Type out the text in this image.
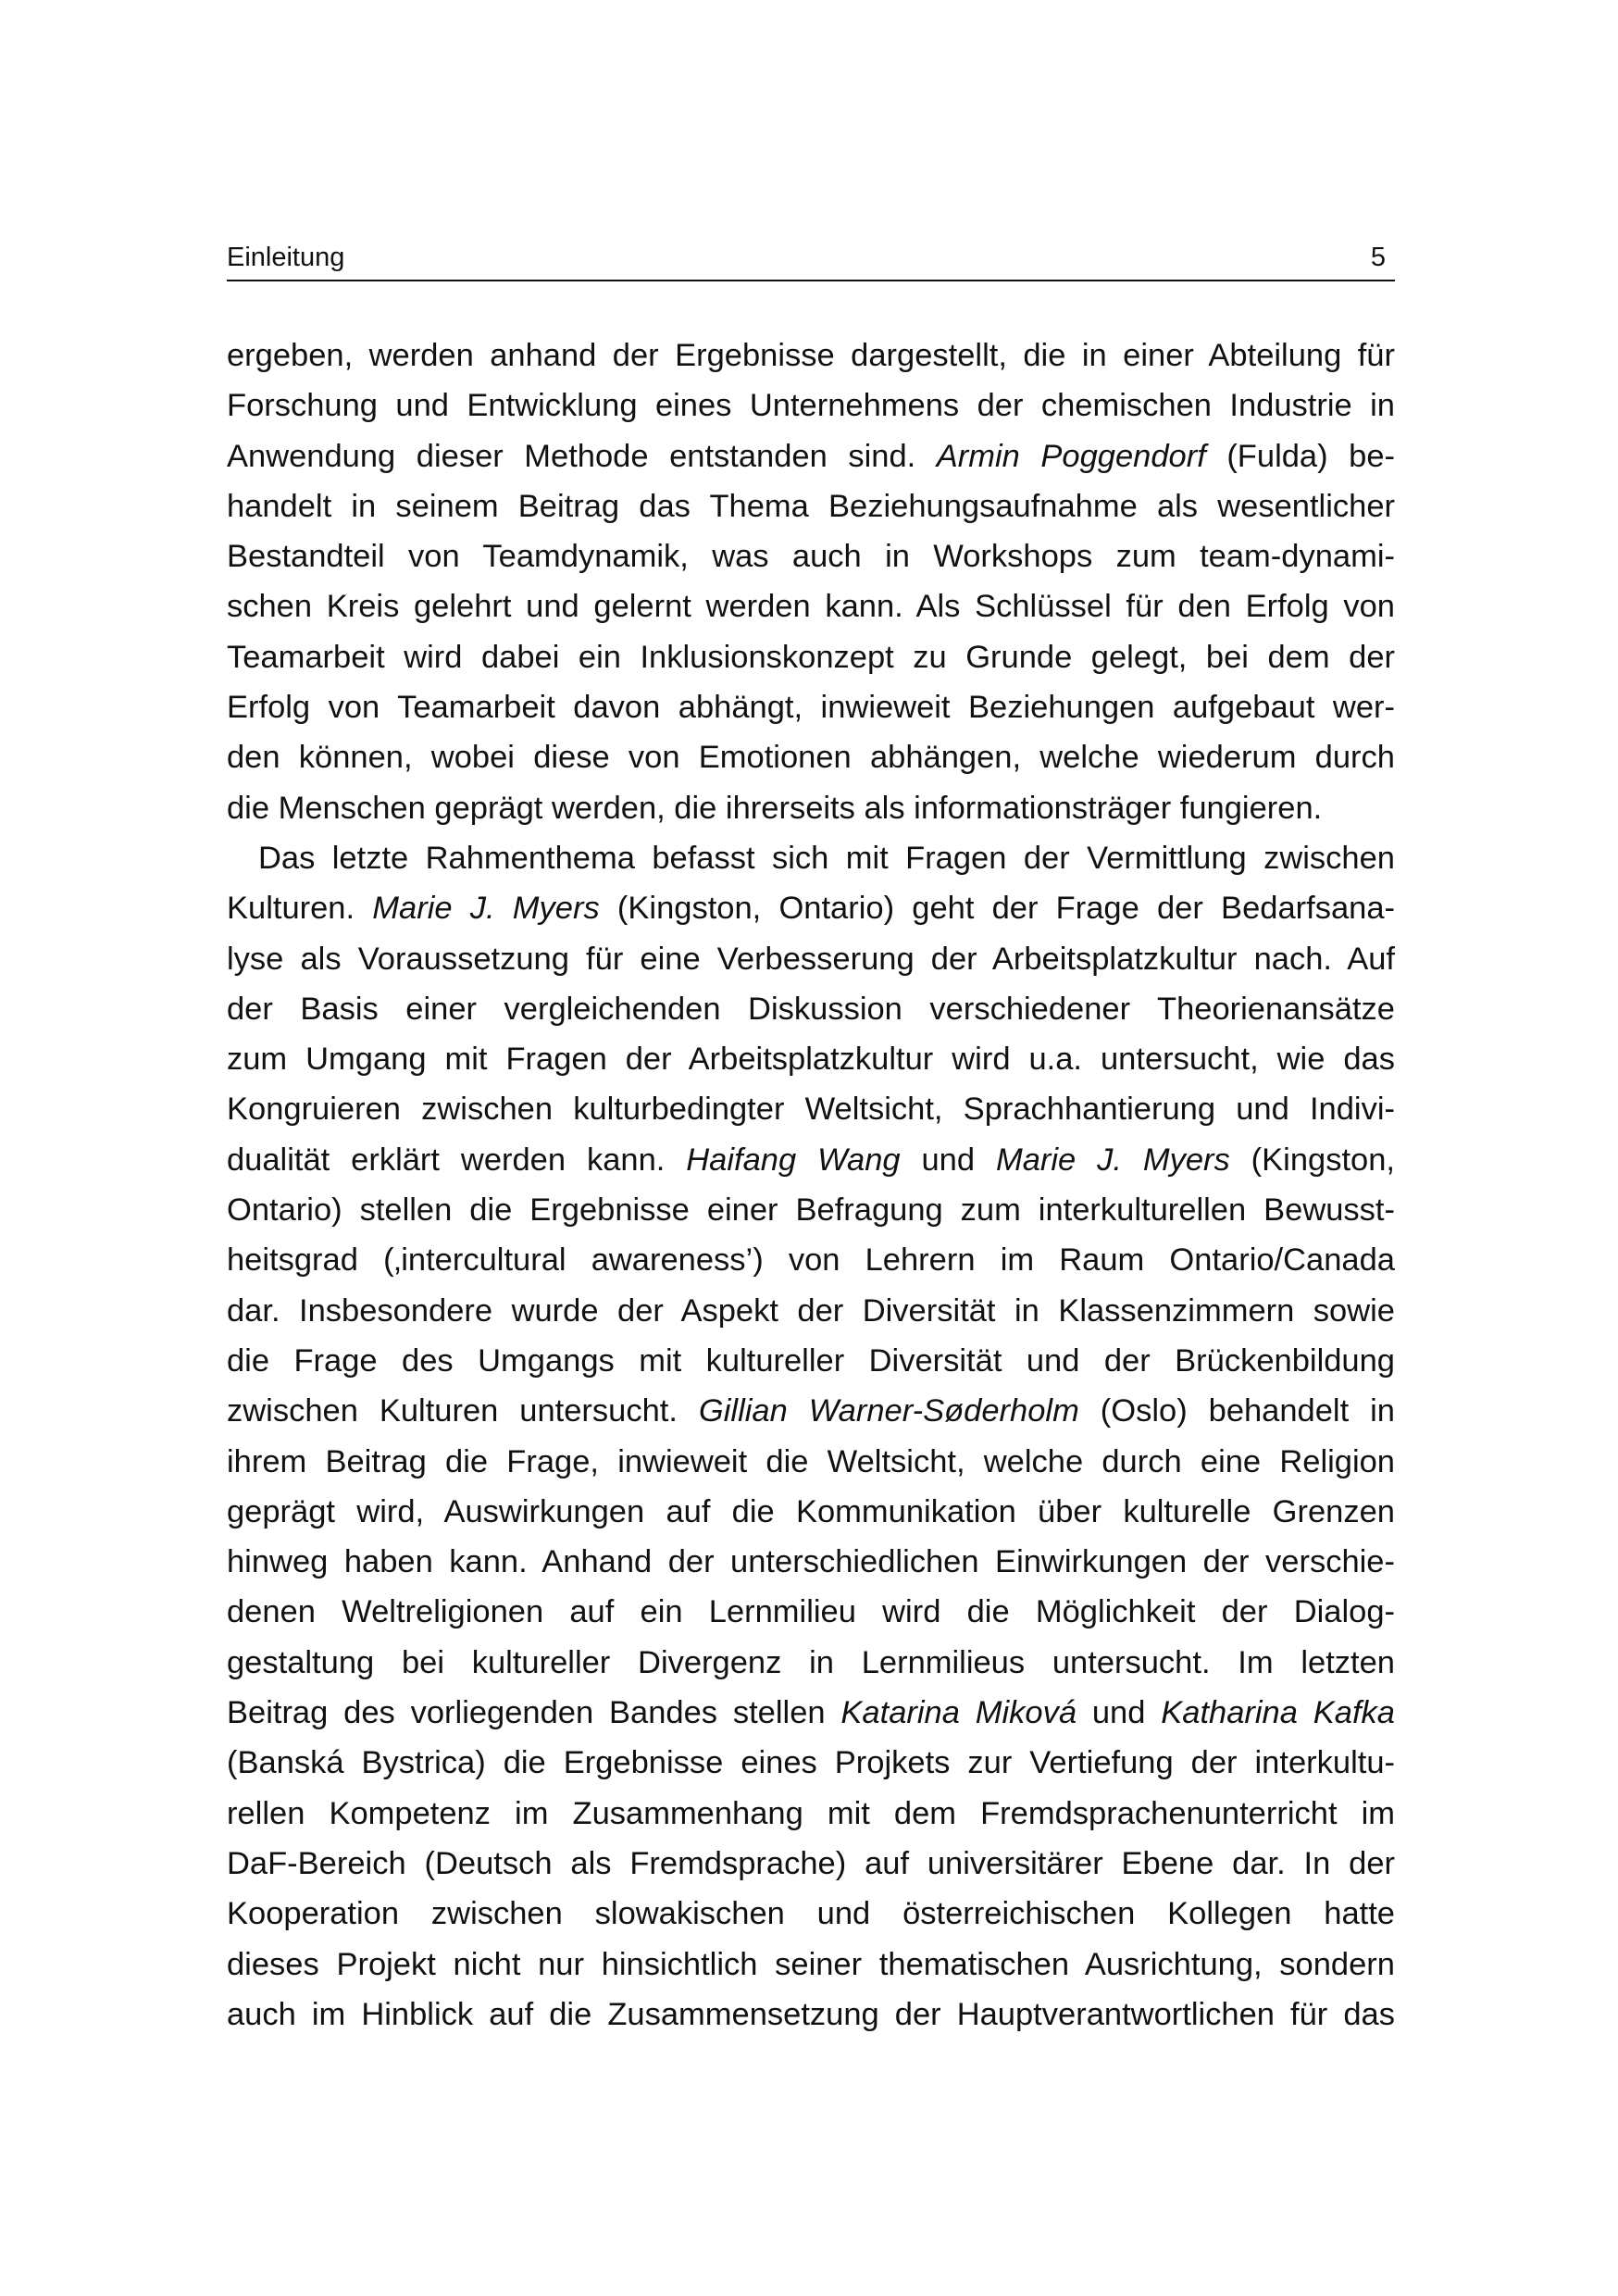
Einleitung	5
ergeben, werden anhand der Ergebnisse dargestellt, die in einer Abteilung für
Forschung und Entwicklung eines Unternehmens der chemischen Industrie in
Anwendung dieser Methode entstanden sind. Armin Poggendorf (Fulda) be-
handelt in seinem Beitrag das Thema Beziehungsaufnahme als wesentlicher
Bestandteil von Teamdynamik, was auch in Workshops zum team-dynami-
schen Kreis gelehrt und gelernt werden kann. Als Schlüssel für den Erfolg von
Teamarbeit wird dabei ein Inklusionskonzept zu Grunde gelegt, bei dem der
Erfolg von Teamarbeit davon abhängt, inwieweit Beziehungen aufgebaut wer-
den können, wobei diese von Emotionen abhängen, welche wiederum durch
die Menschen geprägt werden, die ihrerseits als informationsträger fungieren.
Das letzte Rahmenthema befasst sich mit Fragen der Vermittlung zwischen
Kulturen. Marie J. Myers (Kingston, Ontario) geht der Frage der Bedarfsana-
lyse als Voraussetzung für eine Verbesserung der Arbeitsplatzkultur nach. Auf
der Basis einer vergleichenden Diskussion verschiedener Theorienansätze
zum Umgang mit Fragen der Arbeitsplatzkultur wird u.a. untersucht, wie das
Kongruieren zwischen kulturbedingter Weltsicht, Sprachhantierung und Indivi-
dualität erklärt werden kann. Haifang Wang und Marie J. Myers (Kingston,
Ontario) stellen die Ergebnisse einer Befragung zum interkulturellen Bewusst-
heitsgrad (‚intercultural awareness’) von Lehrern im Raum Ontario/Canada
dar. Insbesondere wurde der Aspekt der Diversität in Klassenzimmern sowie
die Frage des Umgangs mit kultureller Diversität und der Brückenbildung
zwischen Kulturen untersucht. Gillian Warner-Søderholm (Oslo) behandelt in
ihrem Beitrag die Frage, inwieweit die Weltsicht, welche durch eine Religion
geprägt wird, Auswirkungen auf die Kommunikation über kulturelle Grenzen
hinweg haben kann. Anhand der unterschiedlichen Einwirkungen der verschie-
denen Weltreligionen auf ein Lernmilieu wird die Möglichkeit der Dialog-
gestaltung bei kultureller Divergenz in Lernmilieus untersucht. Im letzten
Beitrag des vorliegenden Bandes stellen Katarina Miková und Katharina Kafka
(Banská Bystrica) die Ergebnisse eines Projkets zur Vertiefung der interkultu-
rellen Kompetenz im Zusammenhang mit dem Fremdsprachenunterricht im
DaF-Bereich (Deutsch als Fremdsprache) auf universitärer Ebene dar. In der
Kooperation zwischen slowakischen und österreichischen Kollegen hatte
dieses Projekt nicht nur hinsichtlich seiner thematischen Ausrichtung, sondern
auch im Hinblick auf die Zusammensetzung der Hauptverantwortlichen für das
